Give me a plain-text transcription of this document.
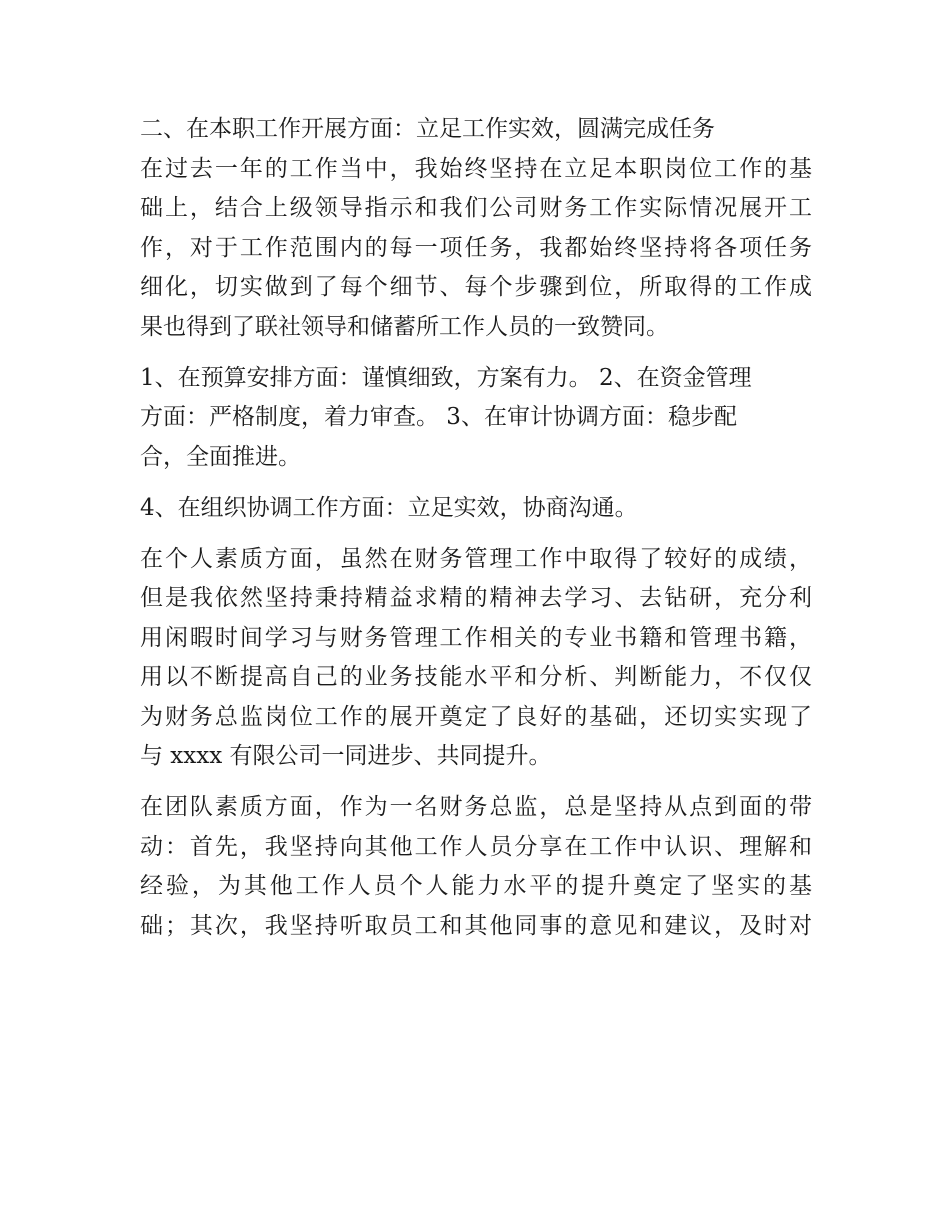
二、在本职工作开展方面：立足工作实效，圆满完成任务
在过去一年的工作当中，我始终坚持在立足本职岗位工作的基
础上，结合上级领导指示和我们公司财务工作实际情况展开工
作，对于工作范围内的每一项任务，我都始终坚持将各项任务
细化，切实做到了每个细节、每个步骤到位，所取得的工作成
果也得到了联社领导和储蓄所工作人员的一致赞同。
1、在预算安排方面：谨慎细致，方案有力。 2、在资金管理
方面：严格制度，着力审查。 3、在审计协调方面：稳步配
合，全面推进。
4、在组织协调工作方面：立足实效，协商沟通。
在个人素质方面，虽然在财务管理工作中取得了较好的成绩，
但是我依然坚持秉持精益求精的精神去学习、去钻研，充分利
用闲暇时间学习与财务管理工作相关的专业书籍和管理书籍，
用以不断提高自己的业务技能水平和分析、判断能力，不仅仅
为财务总监岗位工作的展开奠定了良好的基础，还切实实现了
与 xxxx 有限公司一同进步、共同提升。
在团队素质方面，作为一名财务总监，总是坚持从点到面的带
动：首先，我坚持向其他工作人员分享在工作中认识、理解和
经验，为其他工作人员个人能力水平的提升奠定了坚实的基
础；其次，我坚持听取员工和其他同事的意见和建议，及时对
